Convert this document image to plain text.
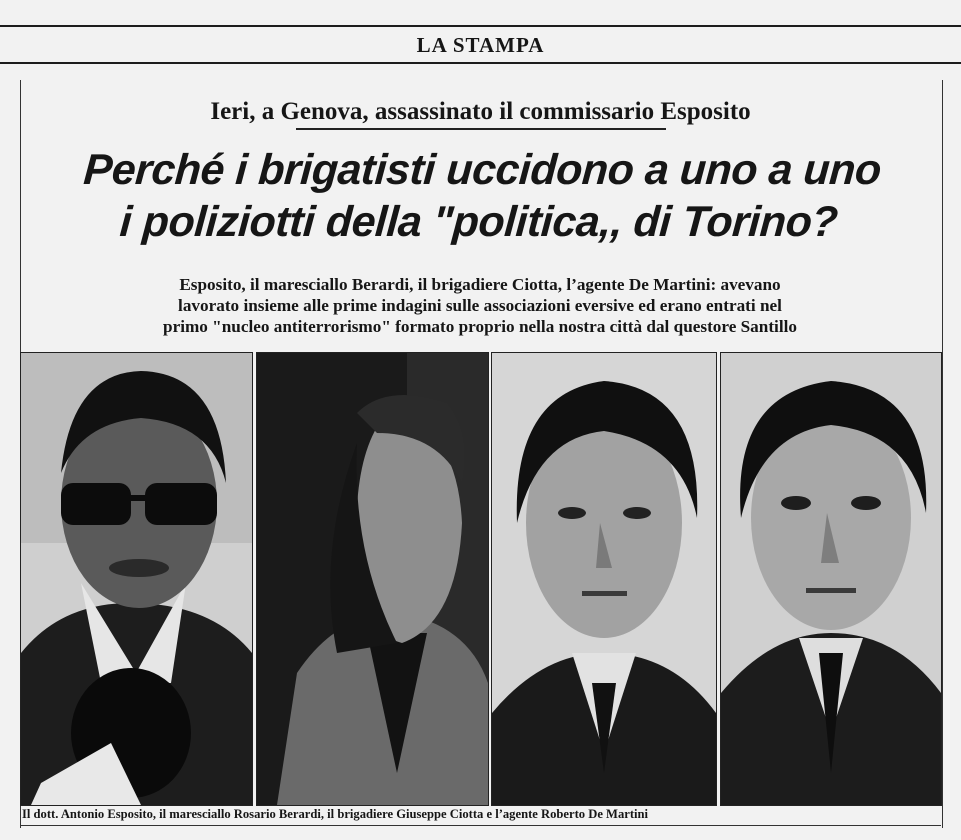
LA STAMPA
Ieri, a Genova, assassinato il commissario Esposito
Perché i brigatisti uccidono a uno a uno
i poliziotti della "politica,, di Torino?
Esposito, il maresciallo Berardi, il brigadiere Ciotta, l’agente De Martini: avevano
lavorato insieme alle prime indagini sulle associazioni eversive ed erano entrati nel
primo "nucleo antiterrorismo" formato proprio nella nostra città dal questore Santillo
Il dott. Antonio Esposito, il maresciallo Rosario Berardi, il brigadiere Giuseppe Ciotta e l’agente Roberto De Martini
